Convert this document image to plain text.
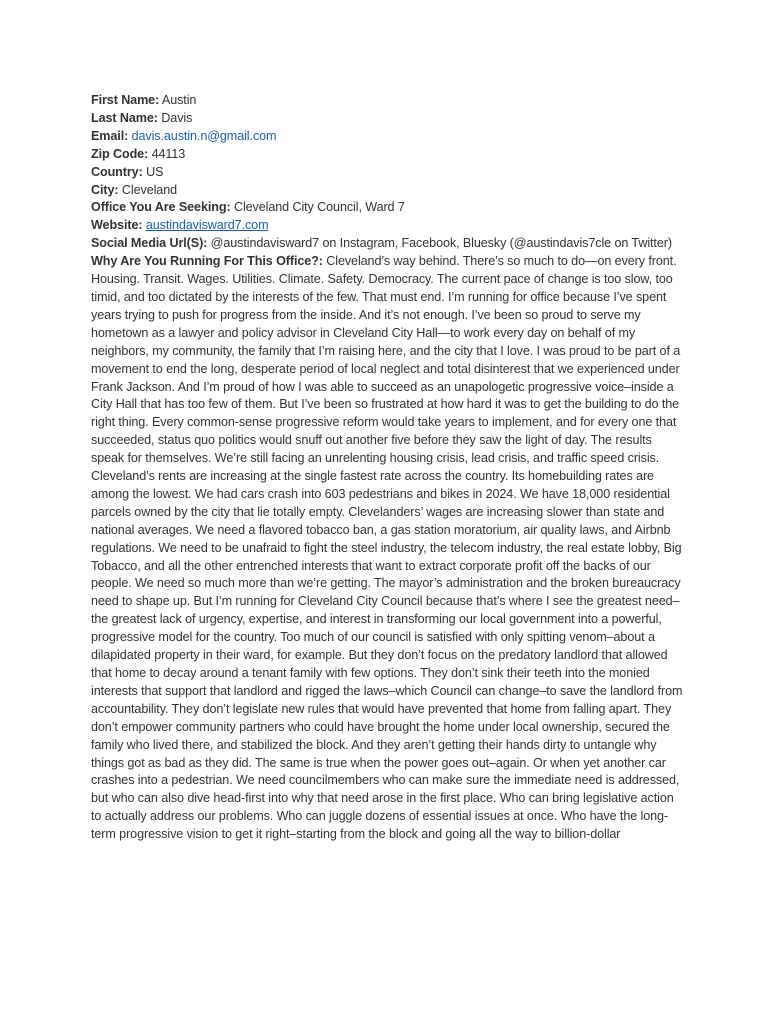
First Name: Austin

Last Name: Davis

Email: davis.austin.n@gmail.com

Zip Code: 44113

Country: US

City: Cleveland

Office You Are Seeking: Cleveland City Council, Ward 7

Website: austindavisward7.com

Social Media Url(S): @austindavisward7 on Instagram, Facebook, Bluesky (@austindavis7cle on Twitter)

Why Are You Running For This Office?: Cleveland’s way behind. There’s so much to do—on every front. Housing. Transit. Wages. Utilities. Climate. Safety. Democracy. The current pace of change is too slow, too timid, and too dictated by the interests of the few. That must end. I’m running for office because I’ve spent years trying to push for progress from the inside. And it’s not enough. I’ve been so proud to serve my hometown as a lawyer and policy advisor in Cleveland City Hall—to work every day on behalf of my neighbors, my community, the family that I’m raising here, and the city that I love. I was proud to be part of a movement to end the long, desperate period of local neglect and total disinterest that we experienced under Frank Jackson. And I’m proud of how I was able to succeed as an unapologetic progressive voice–inside a City Hall that has too few of them. But I’ve been so frustrated at how hard it was to get the building to do the right thing. Every common-sense progressive reform would take years to implement, and for every one that succeeded, status quo politics would snuff out another five before they saw the light of day. The results speak for themselves. We’re still facing an unrelenting housing crisis, lead crisis, and traffic speed crisis. Cleveland’s rents are increasing at the single fastest rate across the country. Its homebuilding rates are among the lowest. We had cars crash into 603 pedestrians and bikes in 2024. We have 18,000 residential parcels owned by the city that lie totally empty. Clevelanders’ wages are increasing slower than state and national averages. We need a flavored tobacco ban, a gas station moratorium, air quality laws, and Airbnb regulations. We need to be unafraid to fight the steel industry, the telecom industry, the real estate lobby, Big Tobacco, and all the other entrenched interests that want to extract corporate profit off the backs of our people. We need so much more than we’re getting. The mayor’s administration and the broken bureaucracy need to shape up. But I’m running for Cleveland City Council because that’s where I see the greatest need–the greatest lack of urgency, expertise, and interest in transforming our local government into a powerful, progressive model for the country. Too much of our council is satisfied with only spitting venom–about a dilapidated property in their ward, for example. But they don’t focus on the predatory landlord that allowed that home to decay around a tenant family with few options. They don’t sink their teeth into the monied interests that support that landlord and rigged the laws–which Council can change–to save the landlord from accountability. They don’t legislate new rules that would have prevented that home from falling apart. They don’t empower community partners who could have brought the home under local ownership, secured the family who lived there, and stabilized the block. And they aren’t getting their hands dirty to untangle why things got as bad as they did. The same is true when the power goes out–again. Or when yet another car crashes into a pedestrian. We need councilmembers who can make sure the immediate need is addressed, but who can also dive head-first into why that need arose in the first place. Who can bring legislative action to actually address our problems. Who can juggle dozens of essential issues at once. Who have the long-term progressive vision to get it right–starting from the block and going all the way to billion-dollar
